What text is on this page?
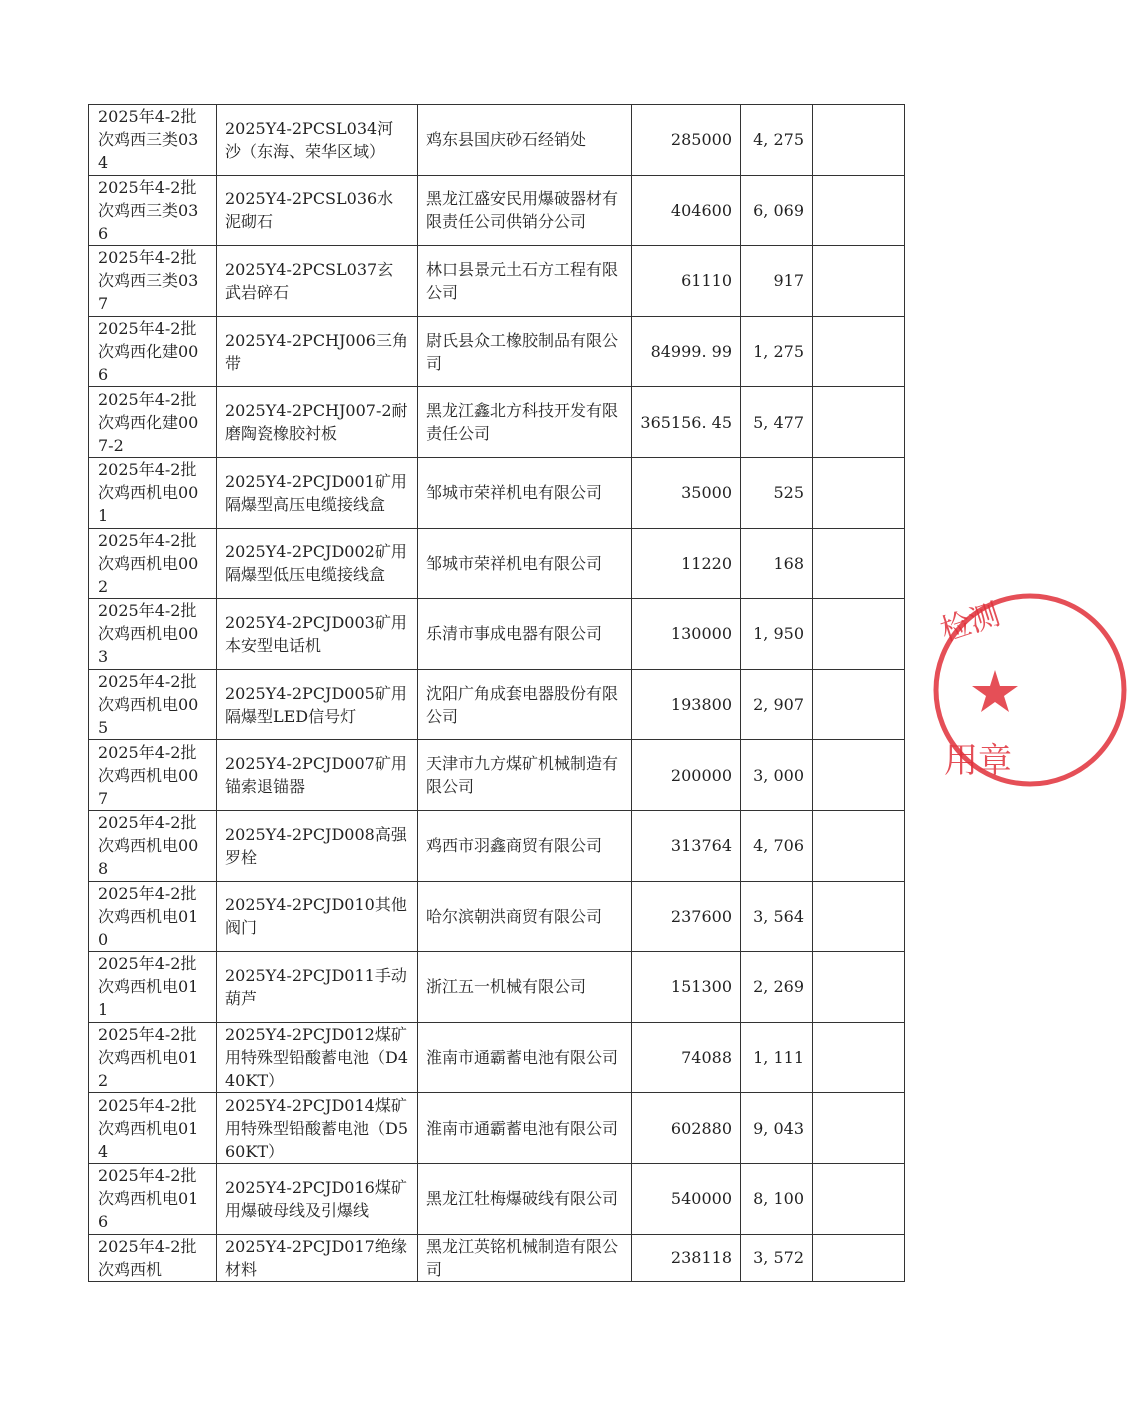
2025年4-2批次鸡西三类034	2025Y4-2PCSL034河沙（东海、荣华区域）	鸡东县国庆砂石经销处	285000	4, 275	
2025年4-2批次鸡西三类036	2025Y4-2PCSL036水泥砌石	黑龙江盛安民用爆破器材有限责任公司供销分公司	404600	6, 069	
2025年4-2批次鸡西三类037	2025Y4-2PCSL037玄武岩碎石	林口县景元土石方工程有限公司	61110	917	
2025年4-2批次鸡西化建006	2025Y4-2PCHJ006三角带	尉氏县众工橡胶制品有限公司	84999. 99	1, 275	
2025年4-2批次鸡西化建007-2	2025Y4-2PCHJ007-2耐磨陶瓷橡胶衬板	黑龙江鑫北方科技开发有限责任公司	365156. 45	5, 477	
2025年4-2批次鸡西机电001	2025Y4-2PCJD001矿用隔爆型高压电缆接线盒	邹城市荣祥机电有限公司	35000	525	
2025年4-2批次鸡西机电002	2025Y4-2PCJD002矿用隔爆型低压电缆接线盒	邹城市荣祥机电有限公司	11220	168	
2025年4-2批次鸡西机电003	2025Y4-2PCJD003矿用本安型电话机	乐清市事成电器有限公司	130000	1, 950	
2025年4-2批次鸡西机电005	2025Y4-2PCJD005矿用隔爆型LED信号灯	沈阳广角成套电器股份有限公司	193800	2, 907	
2025年4-2批次鸡西机电007	2025Y4-2PCJD007矿用锚索退锚器	天津市九方煤矿机械制造有限公司	200000	3, 000	
2025年4-2批次鸡西机电008	2025Y4-2PCJD008高强罗栓	鸡西市羽鑫商贸有限公司	313764	4, 706	
2025年4-2批次鸡西机电010	2025Y4-2PCJD010其他阀门	哈尔滨朝洪商贸有限公司	237600	3, 564	
2025年4-2批次鸡西机电011	2025Y4-2PCJD011手动葫芦	浙江五一机械有限公司	151300	2, 269	
2025年4-2批次鸡西机电012	2025Y4-2PCJD012煤矿用特殊型铅酸蓄电池（D440KT）	淮南市通霸蓄电池有限公司	74088	1, 111	
2025年4-2批次鸡西机电014	2025Y4-2PCJD014煤矿用特殊型铅酸蓄电池（D560KT）	淮南市通霸蓄电池有限公司	602880	9, 043	
2025年4-2批次鸡西机电016	2025Y4-2PCJD016煤矿用爆破母线及引爆线	黑龙江牡梅爆破线有限公司	540000	8, 100	
2025年4-2批次鸡西机	2025Y4-2PCJD017绝缘材料	黑龙江英铭机械制造有限公司	238118	3, 572	
检测
用章
